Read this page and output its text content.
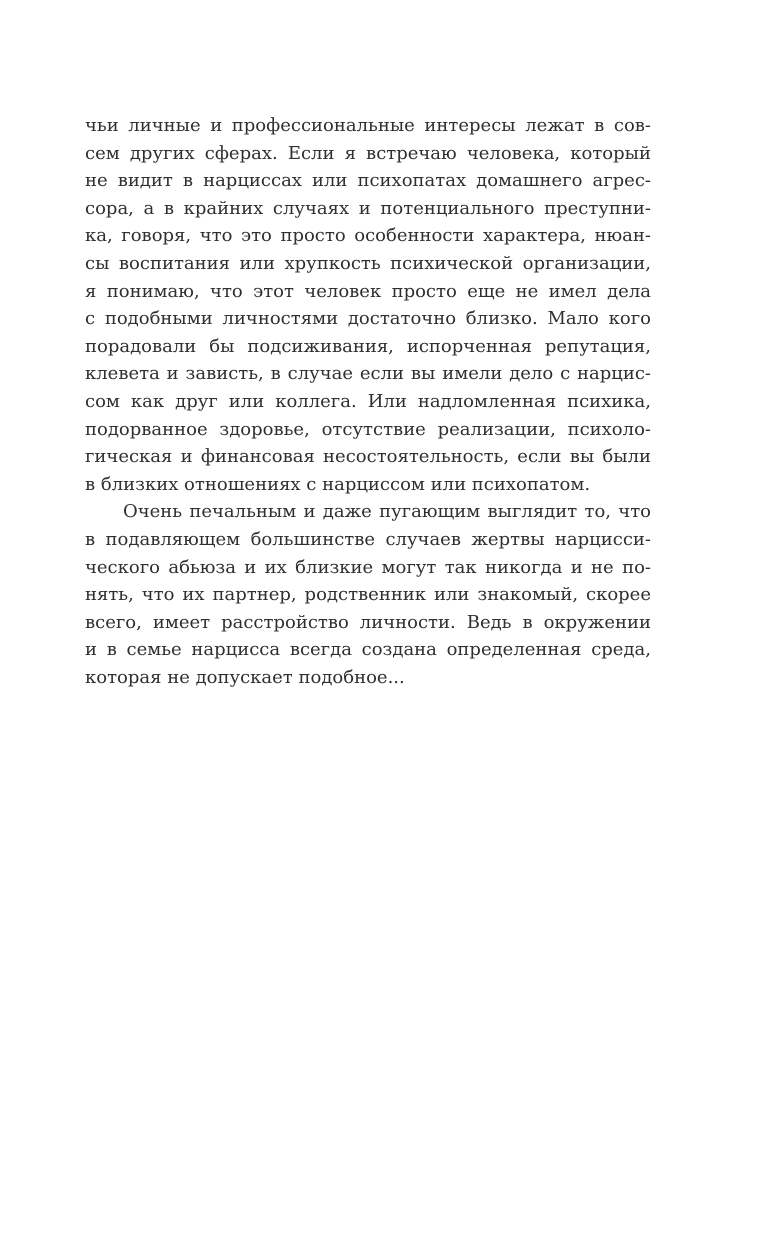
чьи личные и профессиональные интересы лежат в сов-
сем других сферах. Если я встречаю человека, который
не видит в нарциссах или психопатах домашнего агрес-
сора, а в крайних случаях и потенциального преступни-
ка, говоря, что это просто особенности характера, нюан-
сы воспитания или хрупкость психической организации,
я понимаю, что этот человек просто еще не имел дела
с подобными личностями достаточно близко. Мало кого
порадовали бы подсиживания, испорченная репутация,
клевета и зависть, в случае если вы имели дело с нарцис-
сом как друг или коллега. Или надломленная психика,
подорванное здоровье, отсутствие реализации, психоло-
гическая и финансовая несостоятельность, если вы были
в близких отношениях с нарциссом или психопатом.
Очень печальным и даже пугающим выглядит то, что
в подавляющем большинстве случаев жертвы нарцисси-
ческого абьюза и их близкие могут так никогда и не по-
нять, что их партнер, родственник или знакомый, скорее
всего, имеет расстройство личности. Ведь в окружении
и в семье нарцисса всегда создана определенная среда,
которая не допускает подобное...
